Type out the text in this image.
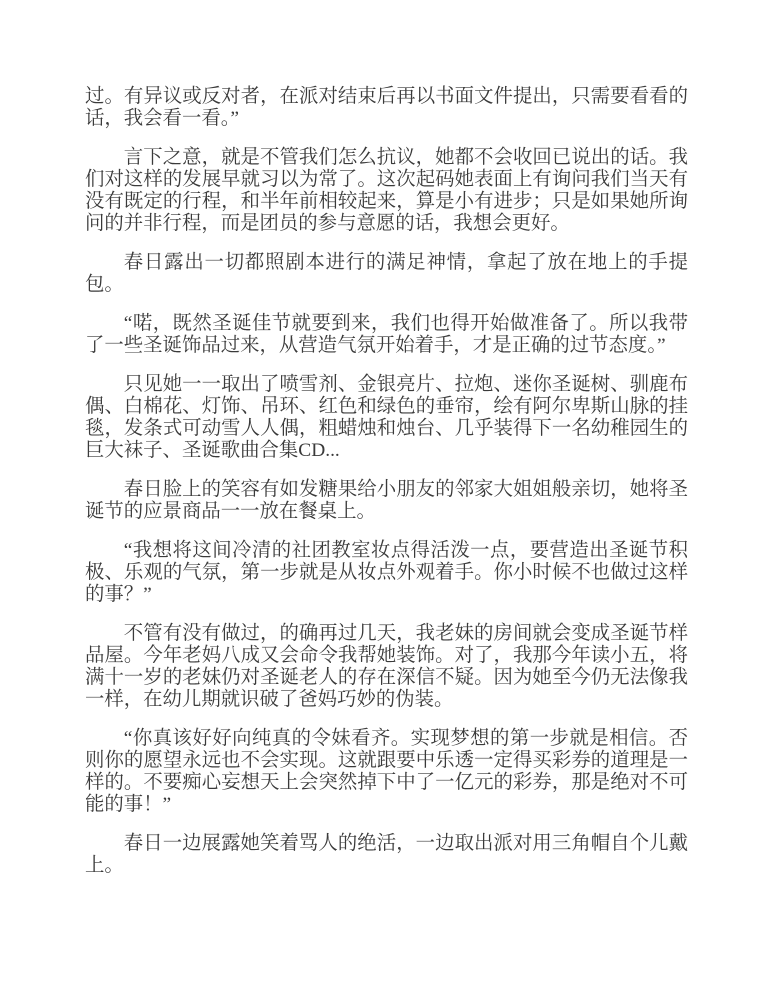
过。有异议或反对者，在派对结束后再以书面文件提出，只需要看看的话，我会看一看。”

言下之意，就是不管我们怎么抗议，她都不会收回已说出的话。我们对这样的发展早就习以为常了。这次起码她表面上有询问我们当天有没有既定的行程，和半年前相较起来，算是小有进步；只是如果她所询问的并非行程，而是团员的参与意愿的话，我想会更好。

春日露出一切都照剧本进行的满足神情，拿起了放在地上的手提包。

“喏，既然圣诞佳节就要到来，我们也得开始做准备了。所以我带了一些圣诞饰品过来，从营造气氛开始着手，才是正确的过节态度。”

只见她一一取出了喷雪剂、金银亮片、拉炮、迷你圣诞树、驯鹿布偶、白棉花、灯饰、吊环、红色和绿色的垂帘，绘有阿尔卑斯山脉的挂毯，发条式可动雪人人偶，粗蜡烛和烛台、几乎装得下一名幼稚园生的巨大袜子、圣诞歌曲合集CD...

春日脸上的笑容有如发糖果给小朋友的邻家大姐姐般亲切，她将圣诞节的应景商品一一放在餐桌上。

“我想将这间冷清的社团教室妆点得活泼一点，要营造出圣诞节积极、乐观的气氛，第一步就是从妆点外观着手。你小时候不也做过这样的事？”

不管有没有做过，的确再过几天，我老妹的房间就会变成圣诞节样品屋。今年老妈八成又会命令我帮她装饰。对了，我那今年读小五，将满十一岁的老妹仍对圣诞老人的存在深信不疑。因为她至今仍无法像我一样，在幼儿期就识破了爸妈巧妙的伪装。

“你真该好好向纯真的令妹看齐。实现梦想的第一步就是相信。否则你的愿望永远也不会实现。这就跟要中乐透一定得买彩券的道理是一样的。不要痴心妄想天上会突然掉下中了一亿元的彩券，那是绝对不可能的事！”

春日一边展露她笑着骂人的绝活，一边取出派对用三角帽自个儿戴上。
